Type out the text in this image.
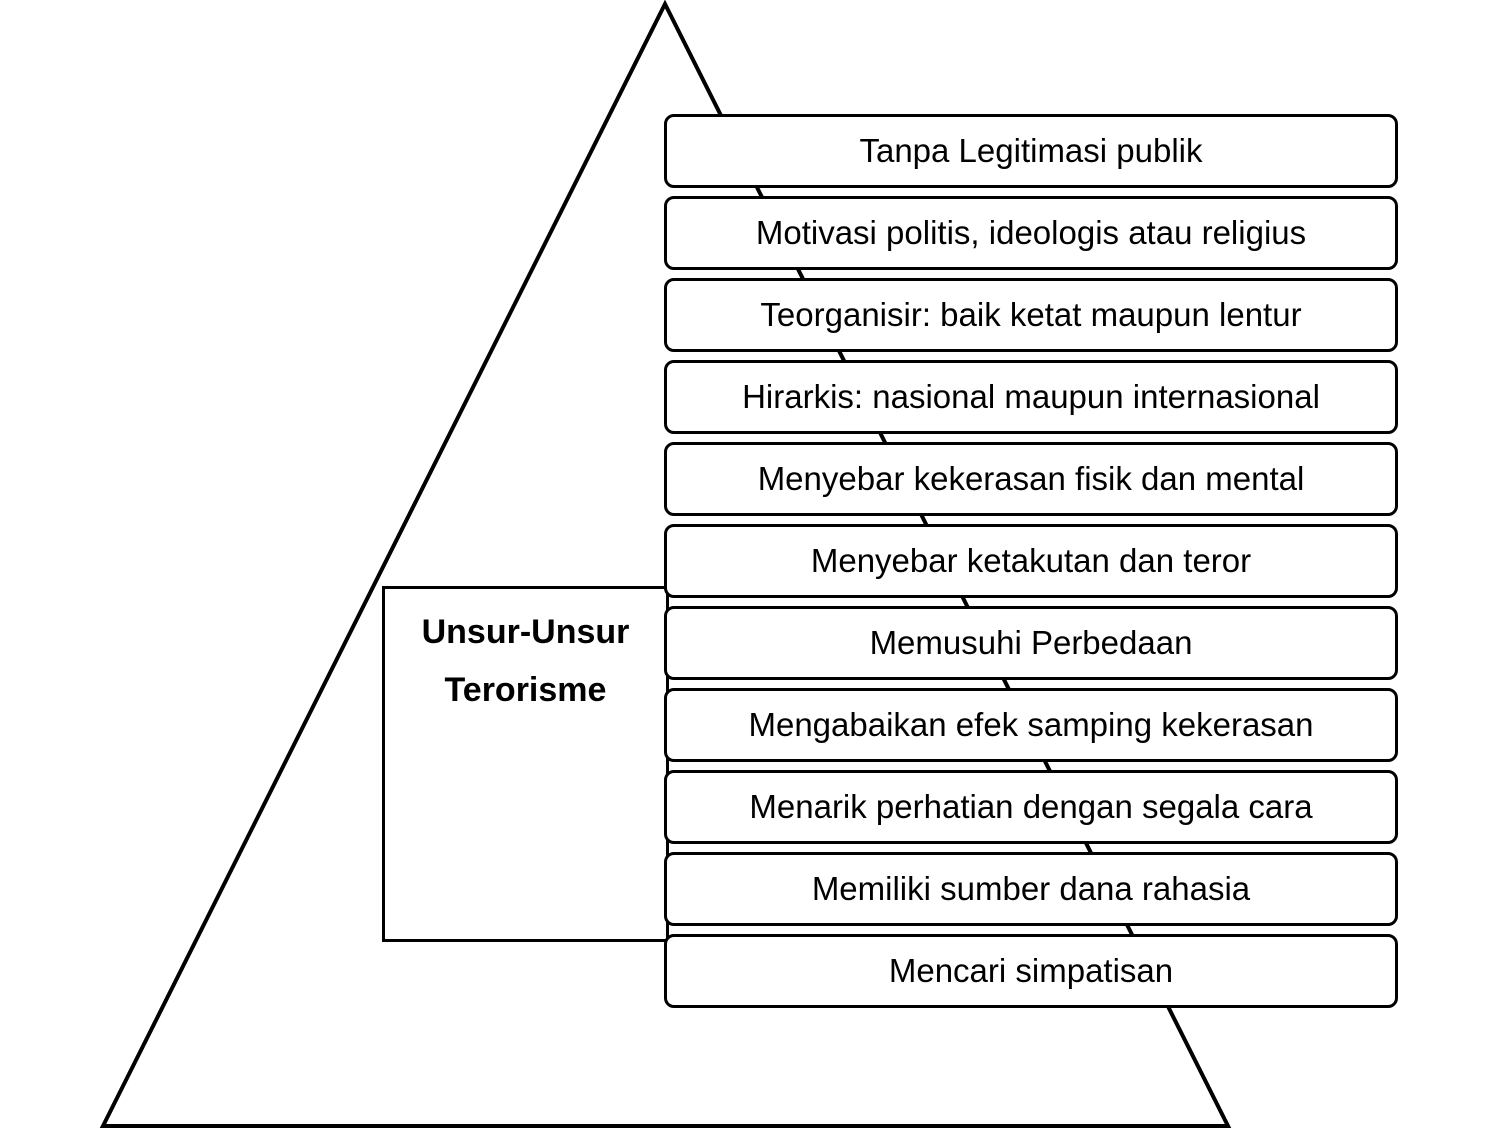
Unsur-Unsur
Terorisme
Tanpa Legitimasi publik
Motivasi politis, ideologis atau religius
Teorganisir: baik ketat maupun lentur
Hirarkis: nasional maupun internasional
Menyebar kekerasan fisik dan mental
Menyebar ketakutan dan teror
Memusuhi Perbedaan
Mengabaikan efek samping kekerasan
Menarik perhatian dengan segala cara
Memiliki sumber dana rahasia
Mencari simpatisan
